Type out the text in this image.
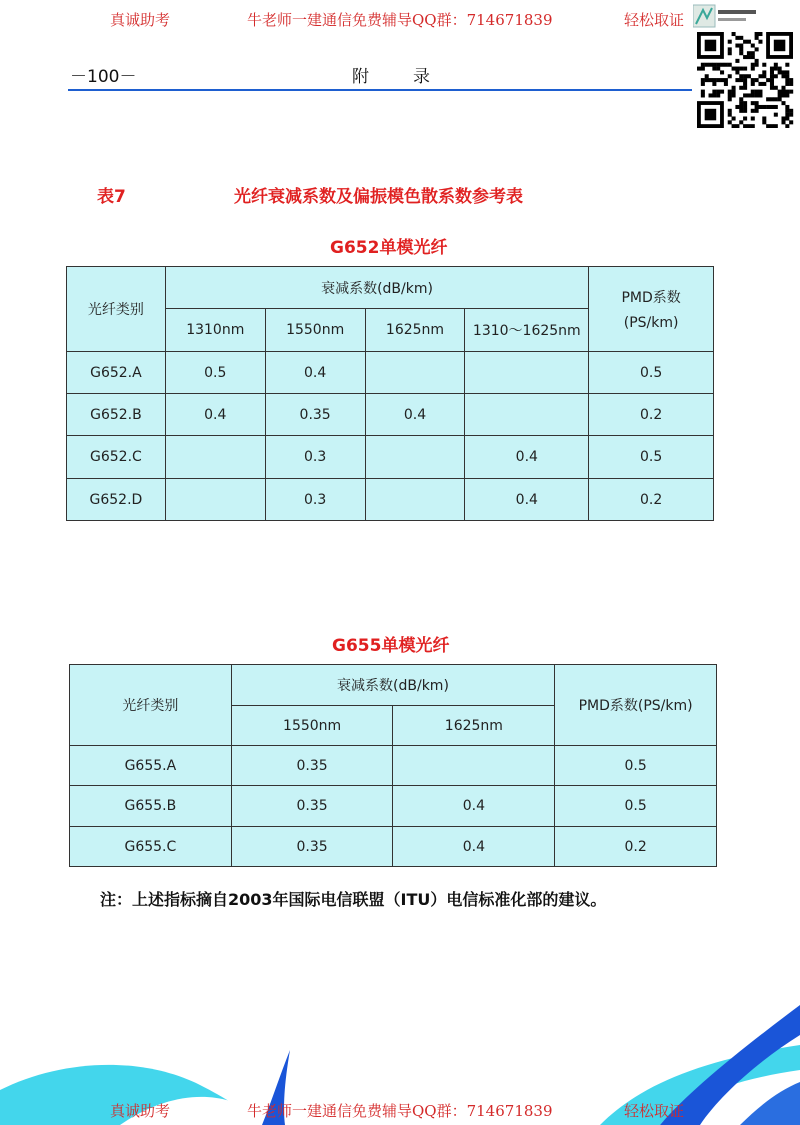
真诚助考	牛老师一建通信免费辅导QQ群：714671839	轻松取证
－100－	附录
表7	光纤衰减系数及偏振模色散系数参考表
G652单模光纤
光纤类别	衰减系数(dB/km)				PMD系数
(PS/km)

	1310nm	1550nm	1625nm	1310～1625nm	
G652.A	0.5	0.4			0.5
G652.B	0.4	0.35	0.4		0.2
G652.C		0.3		0.4	0.5
G652.D		0.3		0.4	0.2
G655单模光纤
光纤类别	衰减系数(dB/km)		PMD系数(PS/km)
	1550nm	1625nm	
G655.A	0.35		0.5
G655.B	0.35	0.4	0.5
G655.C	0.35	0.4	0.2
注：上述指标摘自2003年国际电信联盟（ITU）电信标准化部的建议。
真诚助考	牛老师一建通信免费辅导QQ群：714671839	轻松取证
